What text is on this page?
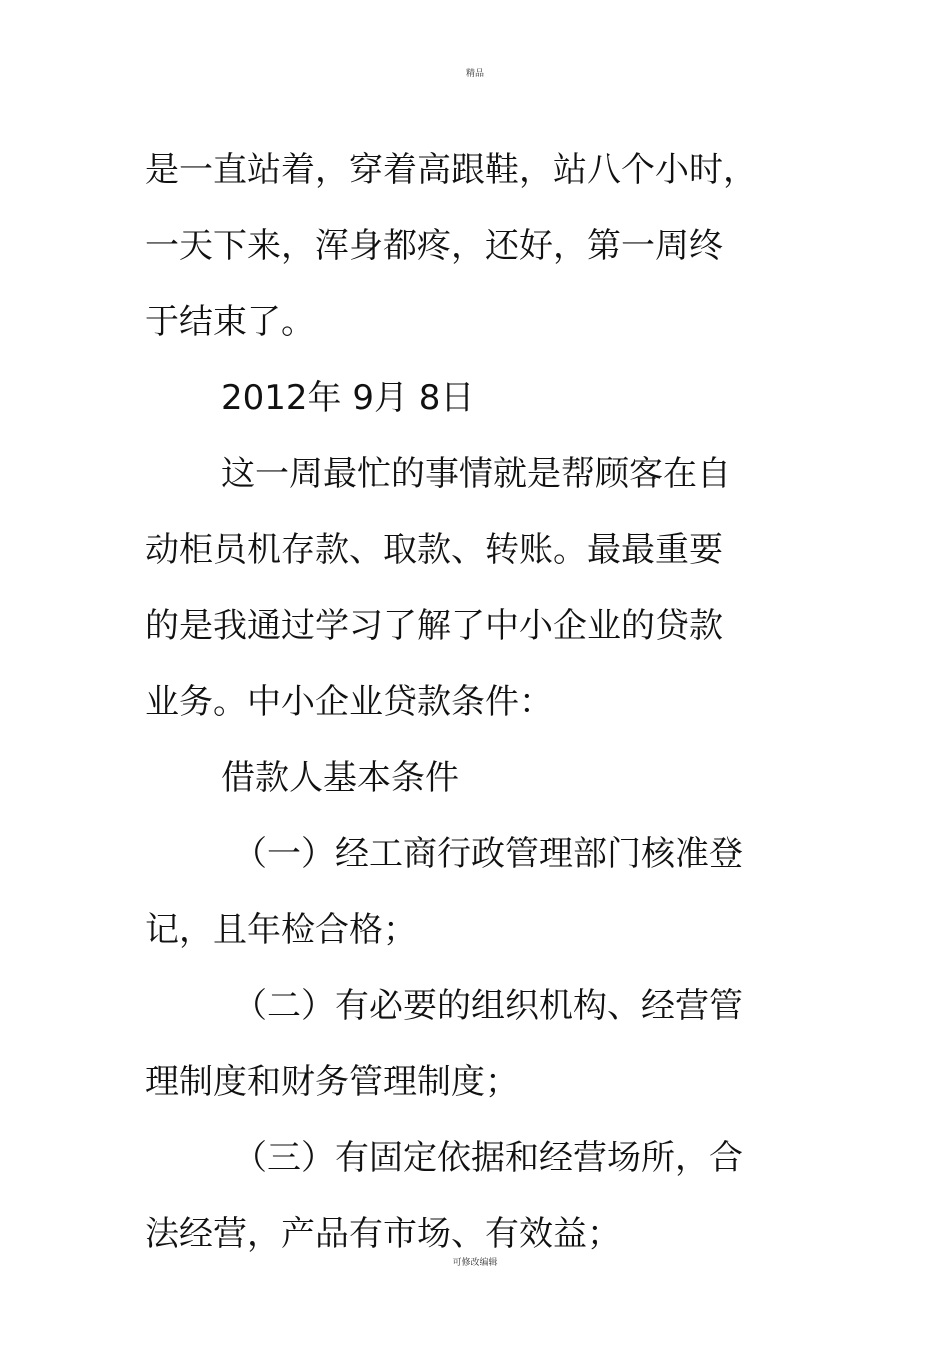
精品
是一直站着，穿着高跟鞋，站八个小时，
一天下来，浑身都疼，还好，第一周终
于结束了。
2012年 9月 8日
这一周最忙的事情就是帮顾客在自
动柜员机存款、取款、转账。最最重要
的是我通过学习了解了中小企业的贷款
业务。中小企业贷款条件：
借款人基本条件
（一）经工商行政管理部门核准登
记，且年检合格；
（二）有必要的组织机构、经营管
理制度和财务管理制度；
（三）有固定依据和经营场所，合
法经营，产品有市场、有效益；
可修改编辑
